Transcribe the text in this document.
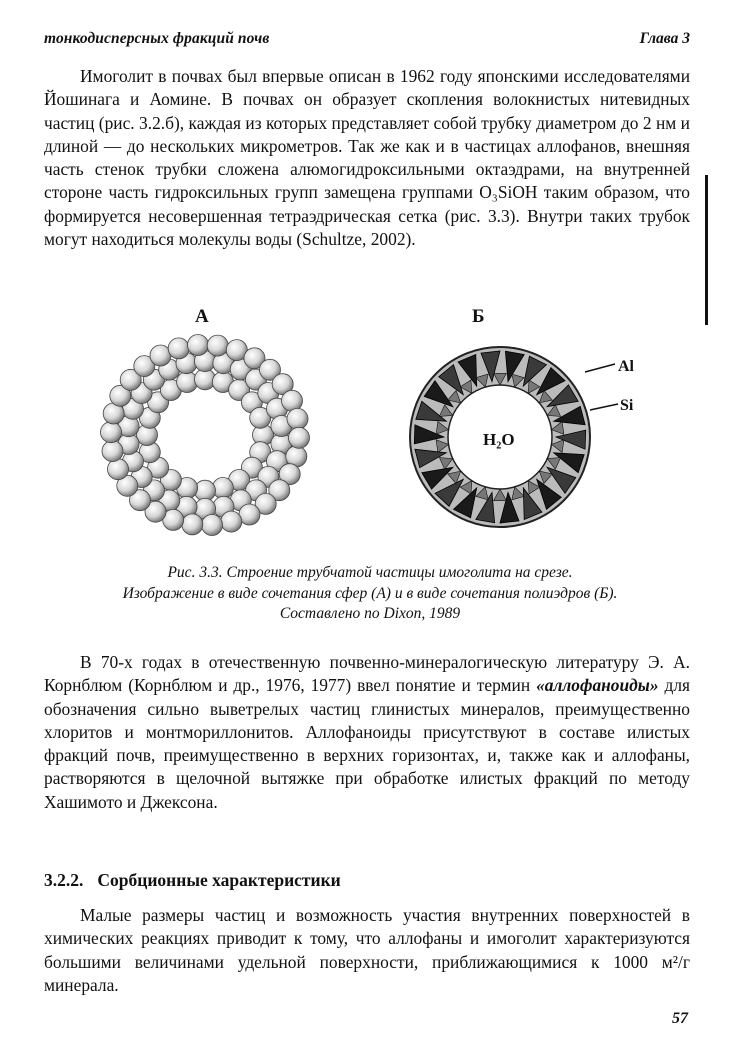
тонкодисперсных фракций почв	Глава 3

Имоголит в почвах был впервые описан в 1962 году японскими исследователями Йошинага и Аомине. В почвах он образует скопления волокнистых нитевидных частиц (рис. 3.2.б), каждая из которых представляет собой трубку диаметром до 2 нм и длиной — до нескольких микрометров. Так же как и в частицах аллофанов, внешняя часть стенок трубки сложена алюмогидроксильными октаэдрами, на внутренней стороне часть гидроксильных групп замещена группами O₃SiOH таким образом, что формируется несовершенная тетраэдрическая сетка (рис. 3.3). Внутри таких трубок могут находиться молекулы воды (Schultze, 2002).

А	Б
Al
Si
H₂O
Рис. 3.3. Строение трубчатой частицы имоголита на срезе.
Изображение в виде сочетания сфер (А) и в виде сочетания полиэдров (Б).
Составлено по Dixon, 1989

В 70-х годах в отечественную почвенно-минералогическую литературу Э. А. Корнблюм (Корнблюм и др., 1976, 1977) ввел понятие и термин «аллофаноиды» для обозначения сильно выветрелых частиц глинистых минералов, преимущественно хлоритов и монтмориллонитов. Аллофаноиды присутствуют в составе илистых фракций почв, преимущественно в верхних горизонтах, и, также как и аллофаны, растворяются в щелочной вытяжке при обработке илистых фракций по методу Хашимото и Джексона.

3.2.2. Сорбционные характеристики

Малые размеры частиц и возможность участия внутренних поверхностей в химических реакциях приводит к тому, что аллофаны и имоголит характеризуются большими величинами удельной поверхности, приближающимися к 1000 м²/г минерала.

57
